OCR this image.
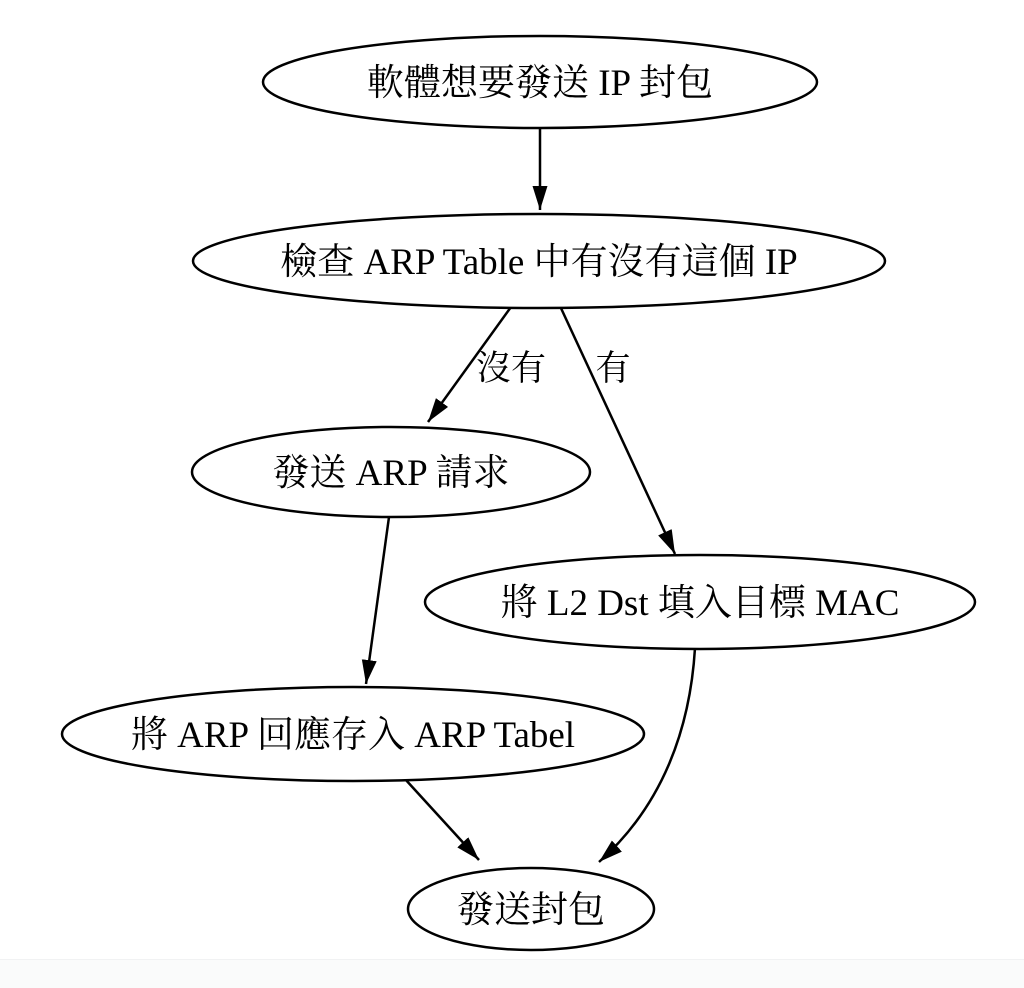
沒有 有
軟體想要發送 IP 封包
檢查 ARP Table 中有沒有這個 IP
發送 ARP 請求
將 L2 Dst 填入目標 MAC
將 ARP 回應存入 ARP Tabel
發送封包
